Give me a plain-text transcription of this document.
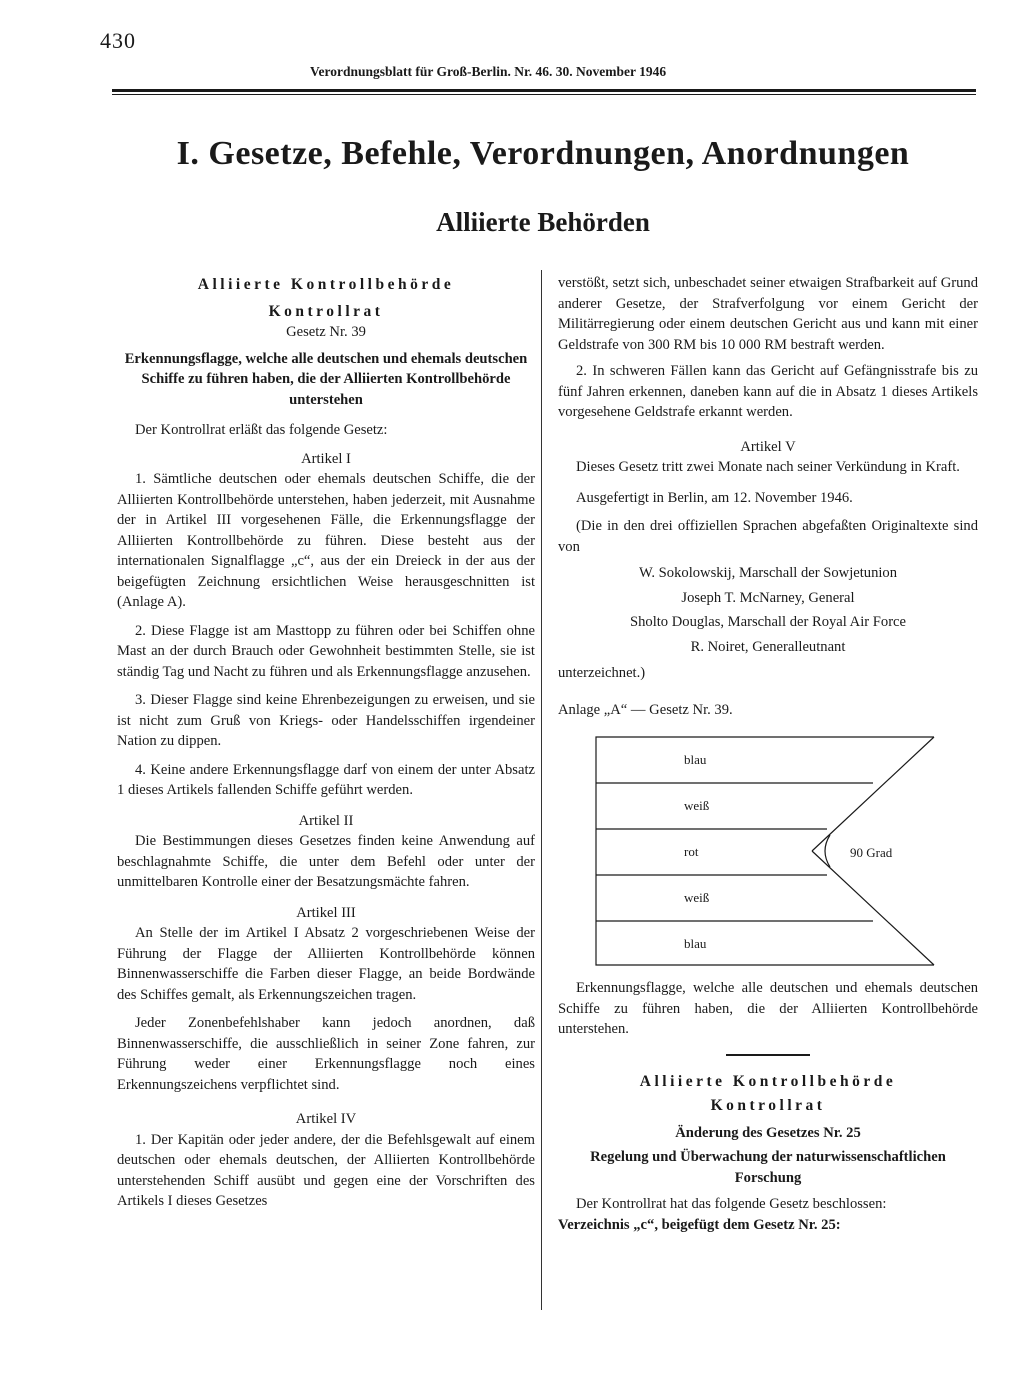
430
Verordnungsblatt für Groß-Berlin. Nr. 46. 30. November 1946
I. Gesetze, Befehle, Verordnungen, Anordnungen
Alliierte Behörden

Alliierte Kontrollbehörde

Kontrollrat

Gesetz Nr. 39

Erkennungsflagge, welche alle deutschen und ehemals deutschen Schiffe zu führen haben, die der Alliierten Kontrollbehörde unterstehen

Der Kontrollrat erläßt das folgende Gesetz:

Artikel I

1. Sämtliche deutschen oder ehemals deutschen Schiffe, die der Alliierten Kontrollbehörde unterstehen, haben jederzeit, mit Ausnahme der in Artikel III vorgesehenen Fälle, die Erkennungsflagge der Alliierten Kontrollbehörde zu führen. Diese besteht aus der internationalen Signalflagge „c“, aus der ein Dreieck in der aus der beigefügten Zeichnung ersichtlichen Weise herausgeschnitten ist (Anlage A).

2. Diese Flagge ist am Masttopp zu führen oder bei Schiffen ohne Mast an der durch Brauch oder Gewohnheit bestimmten Stelle, sie ist ständig Tag und Nacht zu führen und als Erkennungsflagge anzusehen.

3. Dieser Flagge sind keine Ehrenbezeigungen zu erweisen, und sie ist nicht zum Gruß von Kriegs- oder Handelsschiffen irgendeiner Nation zu dippen.

4. Keine andere Erkennungsflagge darf von einem der unter Absatz 1 dieses Artikels fallenden Schiffe geführt werden.

Artikel II

Die Bestimmungen dieses Gesetzes finden keine Anwendung auf beschlagnahmte Schiffe, die unter dem Befehl oder unter der unmittelbaren Kontrolle einer der Besatzungsmächte fahren.

Artikel III

An Stelle der im Artikel I Absatz 2 vorgeschriebenen Weise der Führung der Flagge der Alliierten Kontrollbehörde können Binnenwasserschiffe die Farben dieser Flagge, an beide Bordwände des Schiffes gemalt, als Erkennungszeichen tragen.

Jeder Zonenbefehlshaber kann jedoch anordnen, daß Binnenwasserschiffe, die ausschließlich in seiner Zone fahren, zur Führung weder einer Erkennungsflagge noch eines Erkennungszeichens verpflichtet sind.

Artikel IV

1. Der Kapitän oder jeder andere, der die Befehlsgewalt auf einem deutschen oder ehemals deutschen, der Alliierten Kontrollbehörde unterstehenden Schiff ausübt und gegen eine der Vorschriften des Artikels I dieses Gesetzes

verstößt, setzt sich, unbeschadet seiner etwaigen Strafbarkeit auf Grund anderer Gesetze, der Strafverfolgung vor einem Gericht der Militärregierung oder einem deutschen Gericht aus und kann mit einer Geldstrafe von 300 RM bis 10 000 RM bestraft werden.

2. In schweren Fällen kann das Gericht auf Gefängnisstrafe bis zu fünf Jahren erkennen, daneben kann auf die in Absatz 1 dieses Artikels vorgesehene Geldstrafe erkannt werden.

Artikel V

Dieses Gesetz tritt zwei Monate nach seiner Verkündung in Kraft.

Ausgefertigt in Berlin, am 12. November 1946.

(Die in den drei offiziellen Sprachen abgefaßten Originaltexte sind von

W. Sokolowskij, Marschall der Sowjetunion

Joseph T. McNarney, General

Sholto Douglas, Marschall der Royal Air Force

R. Noiret, Generalleutnant

unterzeichnet.)

Anlage „A“ — Gesetz Nr. 39.

blau
weiß
rot
weiß
blau
90 Grad

Erkennungsflagge, welche alle deutschen und ehemals deutschen Schiffe zu führen haben, die der Alliierten Kontrollbehörde unterstehen.

Alliierte Kontrollbehörde

Kontrollrat

Änderung des Gesetzes Nr. 25

Regelung und Überwachung der naturwissenschaftlichen Forschung

Der Kontrollrat hat das folgende Gesetz beschlossen:

Verzeichnis „c“, beigefügt dem Gesetz Nr. 25:
